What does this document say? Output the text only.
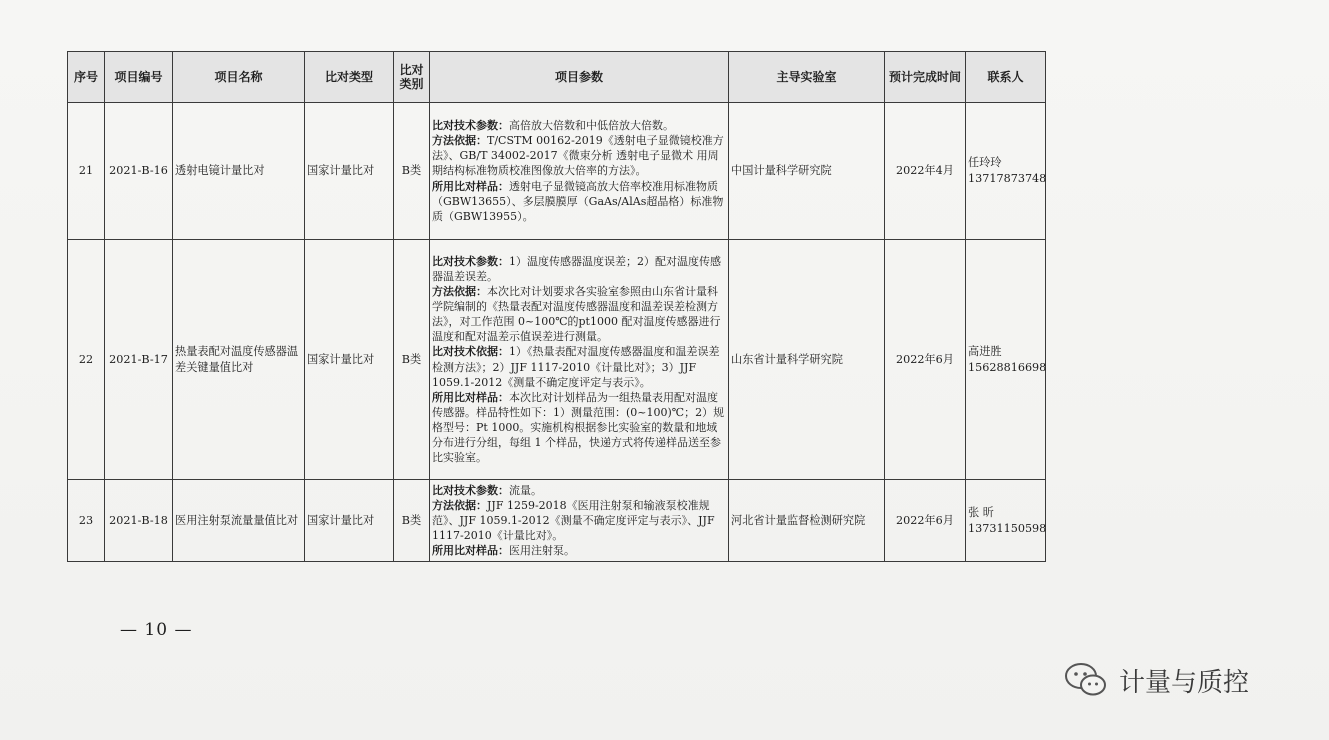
序号	项目编号	项目名称	比对类型	比对类别	项目参数	主导实验室	预计完成时间	联系人
21	2021-B-16	透射电镜计量比对	国家计量比对	B类	比对技术参数：高倍放大倍数和中低倍放大倍数。
方法依据：T/CSTM 00162-2019《透射电子显微镜校准方法》、GB/T 34002-2017《微束分析 透射电子显微术 用周期结构标准物质校准图像放大倍率的方法》。
所用比对样品：透射电子显微镜高放大倍率校准用标准物质（GBW13655）、多层膜膜厚（GaAs/AlAs超晶格）标准物质（GBW13955）。	中国计量科学研究院	2022年4月	任玲玲
13717873748

22	2021-B-17	热量表配对温度传感器温差关键量值比对	国家计量比对	B类	比对技术参数：1）温度传感器温度误差；2）配对温度传感器温差误差。
方法依据：本次比对计划要求各实验室参照由山东省计量科学院编制的《热量表配对温度传感器温度和温差误差检测方法》，对工作范围 0~100℃的pt1000 配对温度传感器进行温度和配对温差示值误差进行测量。
比对技术依据：1）《热量表配对温度传感器温度和温差误差检测方法》；2）JJF 1117-2010《计量比对》；3）JJF 1059.1-2012《测量不确定度评定与表示》。
所用比对样品：本次比对计划样品为一组热量表用配对温度传感器。样品特性如下：1）测量范围：(0~100)℃；2）规格型号：Pt 1000。实施机构根据参比实验室的数量和地域分布进行分组，每组 1 个样品，快递方式将传递样品送至参比实验室。	山东省计量科学研究院	2022年6月	高进胜
15628816698

23	2021-B-18	医用注射泵流量量值比对	国家计量比对	B类	比对技术参数：流量。
方法依据：JJF 1259-2018《医用注射泵和输液泵校准规范》、JJF 1059.1-2012《测量不确定度评定与表示》、JJF 1117-2010《计量比对》。
所用比对样品：医用注射泵。	河北省计量监督检测研究院	2022年6月	张 昕
13731150598
— 10 —
计量与质控
